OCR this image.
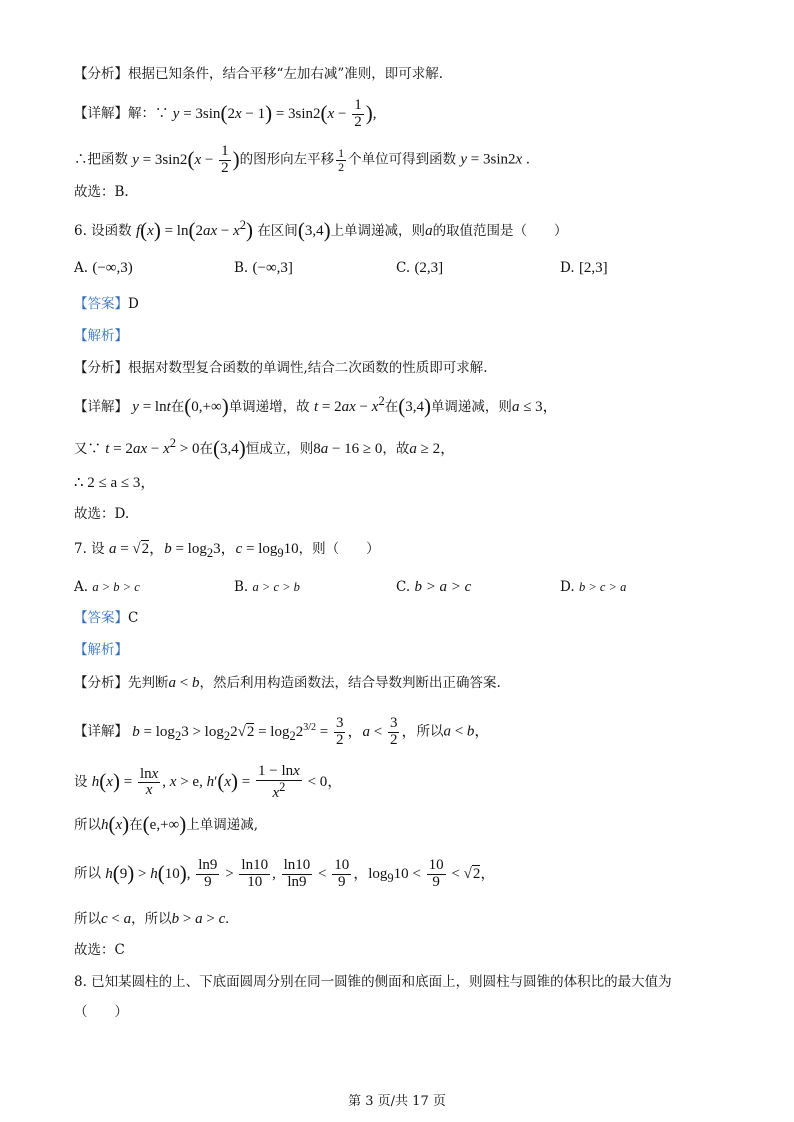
【分析】根据已知条件，结合平移“左加右减”准则，即可求解.
【详解】解：∵ $y = 3\sin(2x - 1) = 3\sin 2(x - \frac{1}{2}$ ),
∴把函数 $y = 3\sin 2(x - \frac{1}{2}$ )的图形向左平移 $\frac{1}{2}$ 个单位可得到函数 y = 3sin2x .
故选：B.
6. 设函数 $f(x) = \ln(2ax - x^2)$ 在区间(3,4)上单调递减，则a的取值范围是（　　）
A. (−∞,3)	B. (−∞,3]	C. (2,3]	D. [2,3]
【答案】D
【解析】
【分析】根据对数型复合函数的单调性,结合二次函数的性质即可求解.
【详解】 y = lnt在(0,+∞)单调递增，故 $t = 2ax - x^2$在(3,4)单调递减，则a ≤ 3，
又∵ $t = 2ax - x^2 > 0$在(3,4)恒成立，则8a − 16 ≥ 0，故a ≥ 2，
∴ 2 ≤ a ≤ 3，
故选：D.
7. 设 a = √2，$b = \log_23$，$c = \log_910$，则（　　）
A. a > b > c	B. a > c > b	C. b > a > c	D. b > c > a
【答案】C
【解析】
【分析】先判断a < b，然后利用构造函数法，结合导数判断出正确答案.
【详解】 $b = \log_23 > \log_22√2 = \log_22^{3/2} = \frac{3}{2}$ ，$a < \frac{3}{2}$ ，所以a < b，
设 $h(x) = \frac{\ln x}{x}$ , x > e, $h'(x) = \frac{1 - \ln x}{x^2} < 0$，
所以h(x)在(e,+∞)上单调递减,
所以 h(9) > h(10), $\frac{\ln 9}{9} > \frac{\ln 10}{10}$ , $\frac{\ln 10}{\ln 9} < \frac{10}{9}$ ，$\log_910 < \frac{10}{9} < √2$，
所以c < a，所以b > a > c.
故选：C
8. 已知某圆柱的上、下底面圆周分别在同一圆锥的侧面和底面上，则圆柱与圆锥的体积比的最大值为
（　　）
第 3 页/共 17 页
